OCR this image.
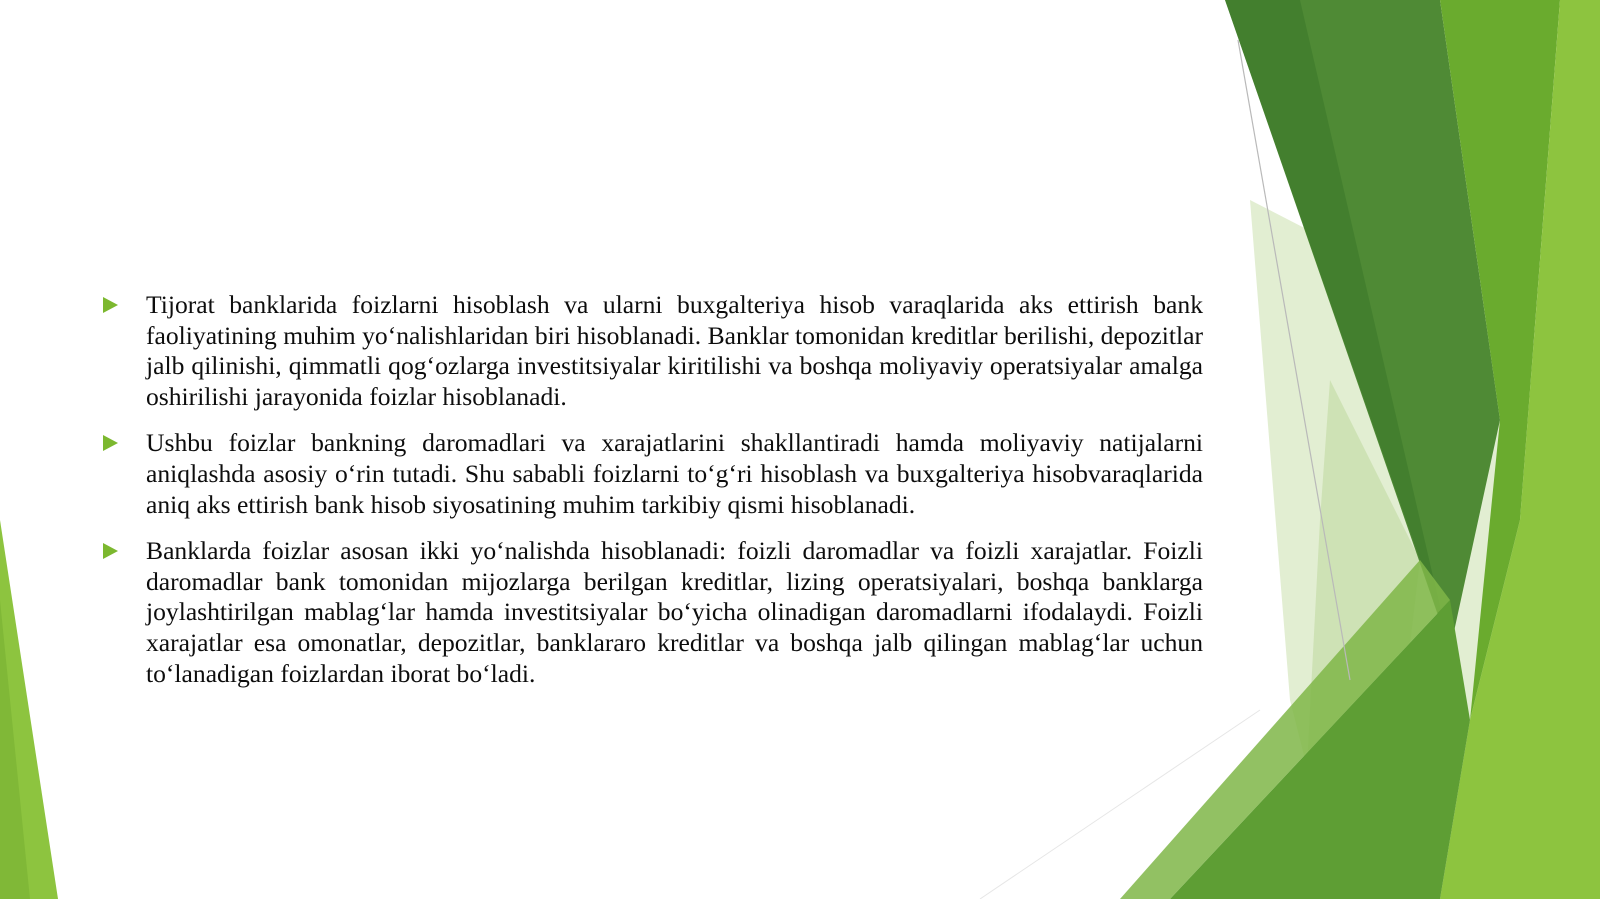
Tijorat banklarida foizlarni hisoblash va ularni buxgalteriya hisob varaqlarida aks ettirish bank faoliyatining muhim yo‘nalishlaridan biri hisoblanadi. Banklar tomonidan kreditlar berilishi, depozitlar jalb qilinishi, qimmatli qog‘ozlarga investitsiyalar kiritilishi va boshqa moliyaviy operatsiyalar amalga oshirilishi jarayonida foizlar hisoblanadi.

Ushbu foizlar bankning daromadlari va xarajatlarini shakllantiradi hamda moliyaviy natijalarni aniqlashda asosiy o‘rin tutadi. Shu sababli foizlarni to‘g‘ri hisoblash va buxgalteriya hisobvaraqlarida aniq aks ettirish bank hisob siyosatining muhim tarkibiy qismi hisoblanadi.

Banklarda foizlar asosan ikki yo‘nalishda hisoblanadi: foizli daromadlar va foizli xarajatlar. Foizli daromadlar bank tomonidan mijozlarga berilgan kreditlar, lizing operatsiyalari, boshqa banklarga joylashtirilgan mablag‘lar hamda investitsiyalar bo‘yicha olinadigan daromadlarni ifodalaydi. Foizli xarajatlar esa omonatlar, depozitlar, banklararo kreditlar va boshqa jalb qilingan mablag‘lar uchun to‘lanadigan foizlardan iborat bo‘ladi.
